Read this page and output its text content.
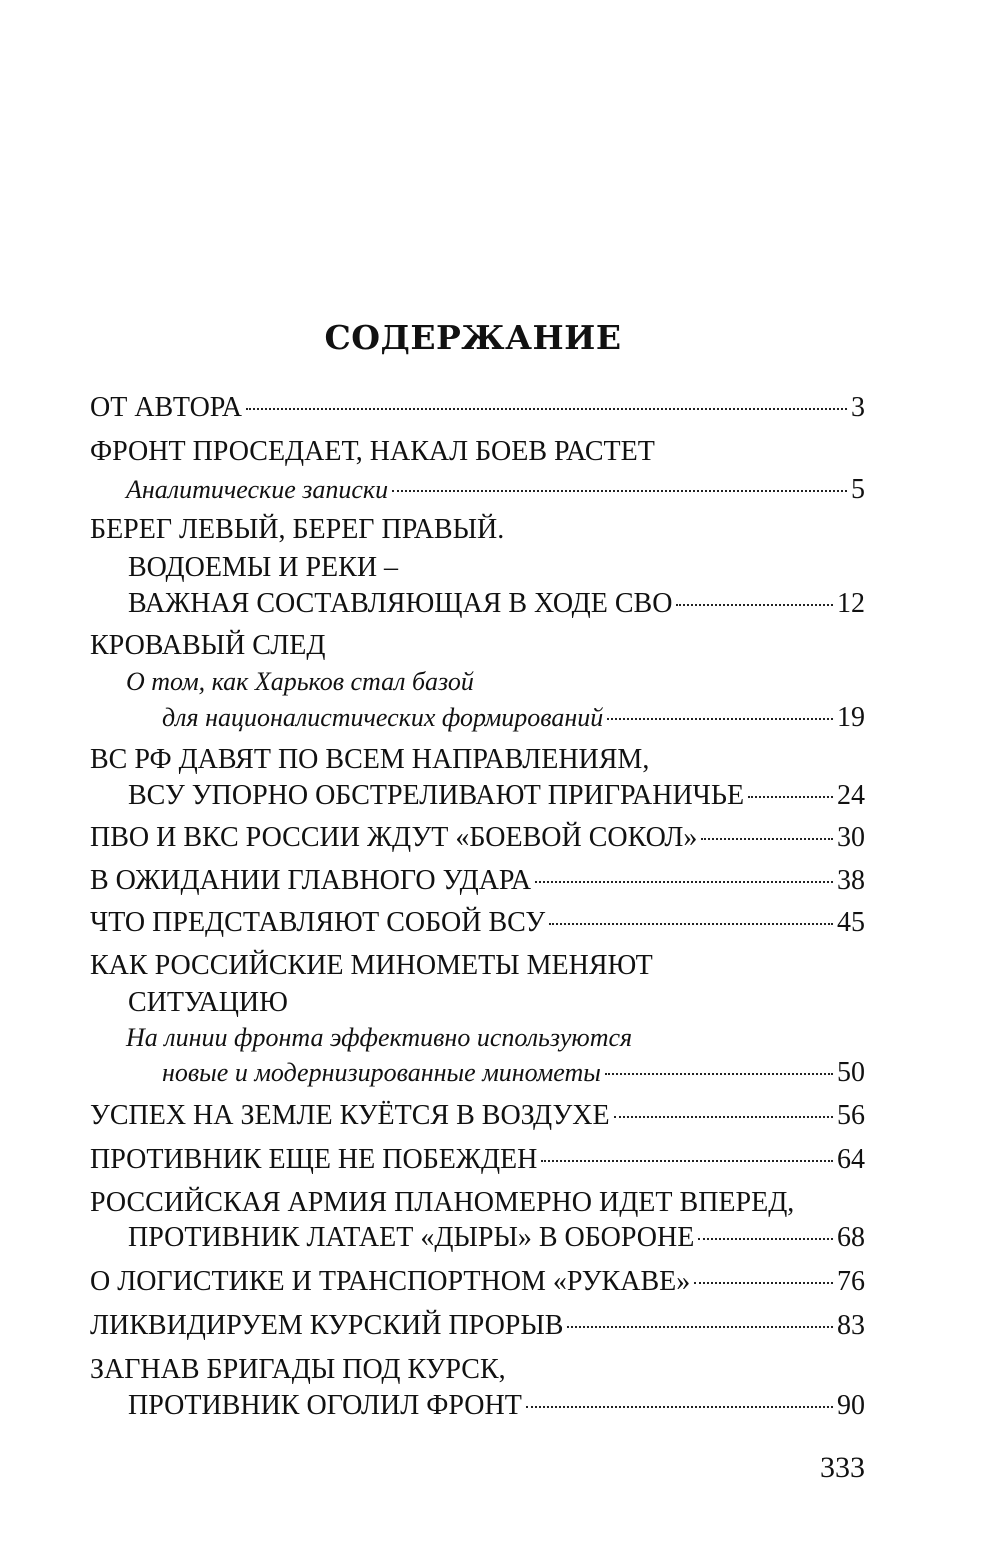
СОДЕРЖАНИЕ
ОТ АВТОРА	3
ФРОНТ ПРОСЕДАЕТ, НАКАЛ БОЕВ РАСТЕТ
Аналитические записки	5
БЕРЕГ ЛЕВЫЙ, БЕРЕГ ПРАВЫЙ.
ВОДОЕМЫ И РЕКИ –
ВАЖНАЯ СОСТАВЛЯЮЩАЯ В ХОДЕ СВО	12
КРОВАВЫЙ СЛЕД
О том, как Харьков стал базой
для националистических формирований	19
ВС РФ ДАВЯТ ПО ВСЕМ НАПРАВЛЕНИЯМ,
ВСУ УПОРНО ОБСТРЕЛИВАЮТ ПРИГРАНИЧЬЕ	24
ПВО И ВКС РОССИИ ЖДУТ «БОЕВОЙ СОКОЛ»	30
В ОЖИДАНИИ ГЛАВНОГО УДАРА	38
ЧТО ПРЕДСТАВЛЯЮТ СОБОЙ ВСУ	45
КАК РОССИЙСКИЕ МИНОМЕТЫ МЕНЯЮТ
СИТУАЦИЮ
На линии фронта эффективно используются
новые и модернизированные минометы	50
УСПЕХ НА ЗЕМЛЕ КУЁТСЯ В ВОЗДУХЕ	56
ПРОТИВНИК ЕЩЕ НЕ ПОБЕЖДЕН	64
РОССИЙСКАЯ АРМИЯ ПЛАНОМЕРНО ИДЕТ ВПЕРЕД,
ПРОТИВНИК ЛАТАЕТ «ДЫРЫ» В ОБОРОНЕ	68
О ЛОГИСТИКЕ И ТРАНСПОРТНОМ «РУКАВЕ»	76
ЛИКВИДИРУЕМ КУРСКИЙ ПРОРЫВ	83
ЗАГНАВ БРИГАДЫ ПОД КУРСК,
ПРОТИВНИК ОГОЛИЛ ФРОНТ	90
333
